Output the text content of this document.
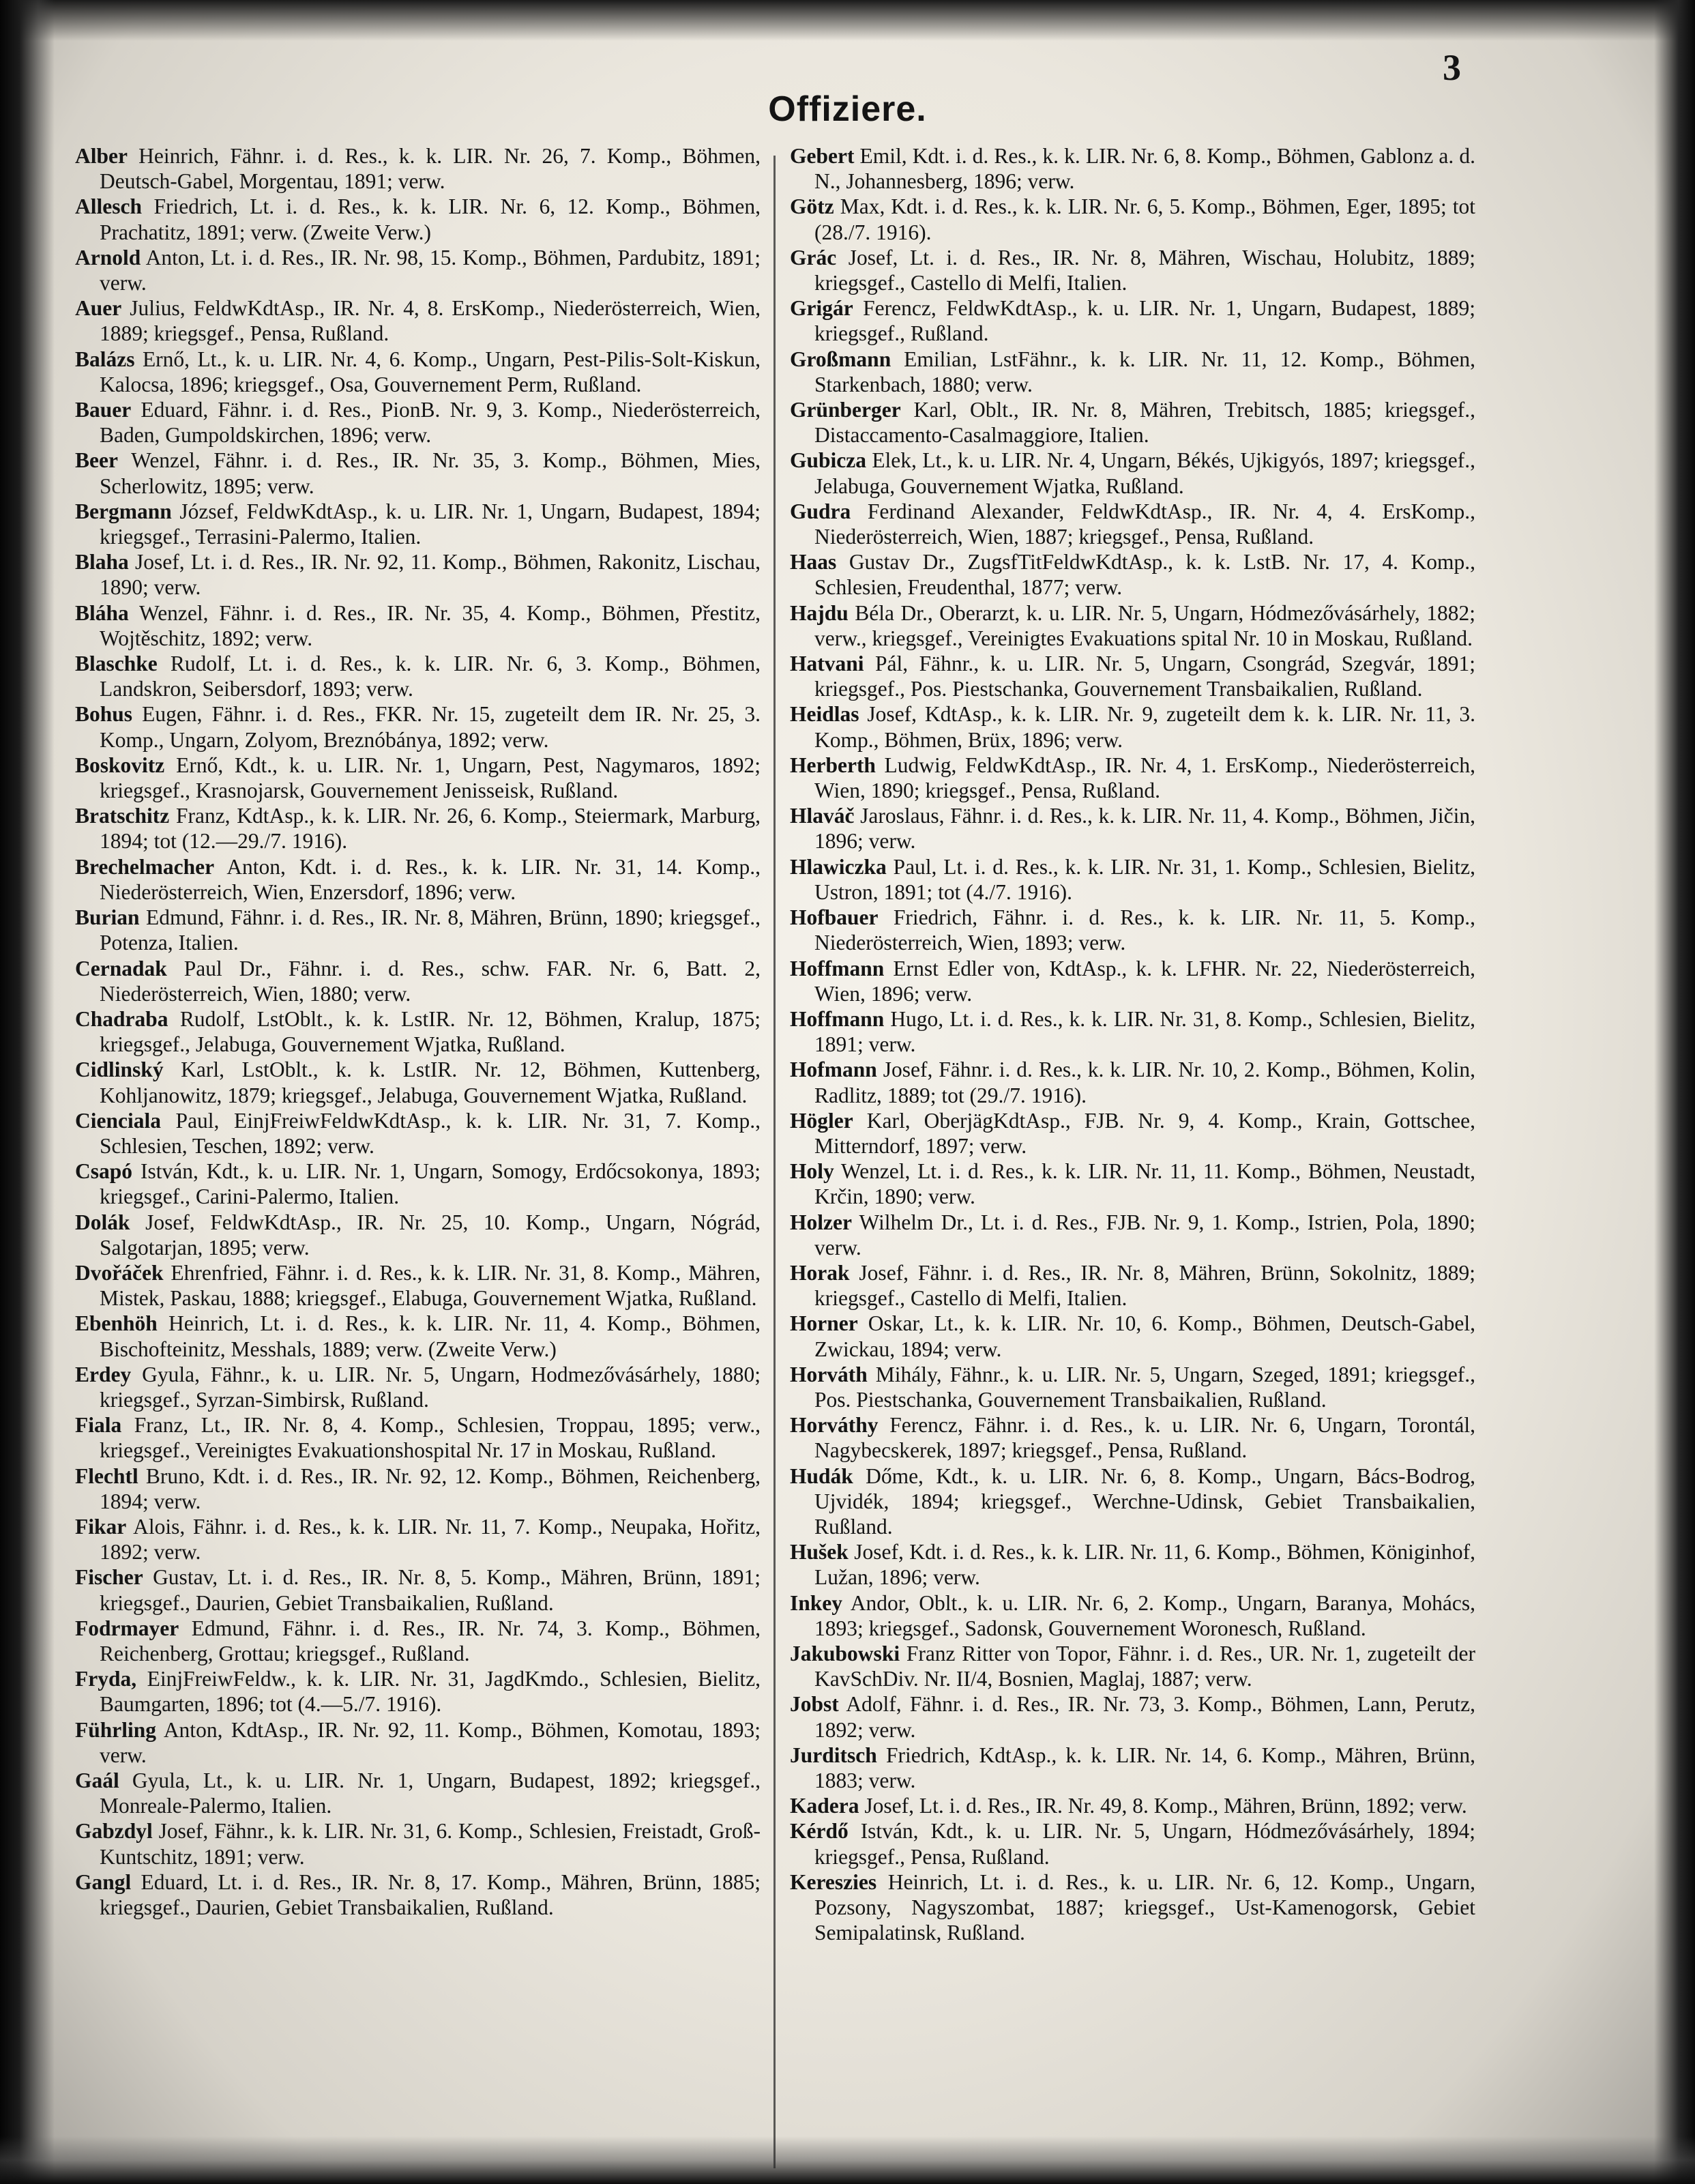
3
Offiziere.

Alber Heinrich, Fähnr. i. d. Res., k. k. LIR. Nr. 26, 7. Komp., Böhmen, Deutsch-Gabel, Morgentau, 1891; verw.

Allesch Friedrich, Lt. i. d. Res., k. k. LIR. Nr. 6, 12. Komp., Böhmen, Prachatitz, 1891; verw. (Zweite Verw.)

Arnold Anton, Lt. i. d. Res., IR. Nr. 98, 15. Komp., Böhmen, Pardubitz, 1891; verw.

Auer Julius, FeldwKdtAsp., IR. Nr. 4, 8. ErsKomp., Niederösterreich, Wien, 1889; kriegsgef., Pensa, Rußland.

Balázs Ernő, Lt., k. u. LIR. Nr. 4, 6. Komp., Ungarn, Pest-Pilis-Solt-Kiskun, Kalocsa, 1896; kriegsgef., Osa, Gouvernement Perm, Rußland.

Bauer Eduard, Fähnr. i. d. Res., PionB. Nr. 9, 3. Komp., Niederösterreich, Baden, Gumpoldskirchen, 1896; verw.

Beer Wenzel, Fähnr. i. d. Res., IR. Nr. 35, 3. Komp., Böhmen, Mies, Scherlowitz, 1895; verw.

Bergmann József, FeldwKdtAsp., k. u. LIR. Nr. 1, Ungarn, Budapest, 1894; kriegsgef., Terrasini-Palermo, Italien.

Blaha Josef, Lt. i. d. Res., IR. Nr. 92, 11. Komp., Böhmen, Rakonitz, Lischau, 1890; verw.

Bláha Wenzel, Fähnr. i. d. Res., IR. Nr. 35, 4. Komp., Böhmen, Přestitz, Wojtěschitz, 1892; verw.

Blaschke Rudolf, Lt. i. d. Res., k. k. LIR. Nr. 6, 3. Komp., Böhmen, Landskron, Seibersdorf, 1893; verw.

Bohus Eugen, Fähnr. i. d. Res., FKR. Nr. 15, zugeteilt dem IR. Nr. 25, 3. Komp., Ungarn, Zolyom, Breznóbánya, 1892; verw.

Boskovitz Ernő, Kdt., k. u. LIR. Nr. 1, Ungarn, Pest, Nagymaros, 1892; kriegsgef., Krasnojarsk, Gouvernement Jenisseisk, Rußland.

Bratschitz Franz, KdtAsp., k. k. LIR. Nr. 26, 6. Komp., Steiermark, Marburg, 1894; tot (12.—29./7. 1916).

Brechelmacher Anton, Kdt. i. d. Res., k. k. LIR. Nr. 31, 14. Komp., Niederösterreich, Wien, Enzersdorf, 1896; verw.

Burian Edmund, Fähnr. i. d. Res., IR. Nr. 8, Mähren, Brünn, 1890; kriegsgef., Potenza, Italien.

Cernadak Paul Dr., Fähnr. i. d. Res., schw. FAR. Nr. 6, Batt. 2, Niederösterreich, Wien, 1880; verw.

Chadraba Rudolf, LstOblt., k. k. LstIR. Nr. 12, Böhmen, Kralup, 1875; kriegsgef., Jelabuga, Gouvernement Wjatka, Rußland.

Cidlinský Karl, LstOblt., k. k. LstIR. Nr. 12, Böhmen, Kuttenberg, Kohljanowitz, 1879; kriegsgef., Jelabuga, Gouvernement Wjatka, Rußland.

Cienciala Paul, EinjFreiwFeldwKdtAsp., k. k. LIR. Nr. 31, 7. Komp., Schlesien, Teschen, 1892; verw.

Csapó István, Kdt., k. u. LIR. Nr. 1, Ungarn, Somogy, Erdőcsokonya, 1893; kriegsgef., Carini-Palermo, Italien.

Dolák Josef, FeldwKdtAsp., IR. Nr. 25, 10. Komp., Ungarn, Nógrád, Salgotarjan, 1895; verw.

Dvořáček Ehrenfried, Fähnr. i. d. Res., k. k. LIR. Nr. 31, 8. Komp., Mähren, Mistek, Paskau, 1888; kriegsgef., Elabuga, Gouvernement Wjatka, Rußland.

Ebenhöh Heinrich, Lt. i. d. Res., k. k. LIR. Nr. 11, 4. Komp., Böhmen, Bischofteinitz, Messhals, 1889; verw. (Zweite Verw.)

Erdey Gyula, Fähnr., k. u. LIR. Nr. 5, Ungarn, Hodmezővásárhely, 1880; kriegsgef., Syrzan-Simbirsk, Rußland.

Fiala Franz, Lt., IR. Nr. 8, 4. Komp., Schlesien, Troppau, 1895; verw., kriegsgef., Vereinigtes Evakuationshospital Nr. 17 in Moskau, Rußland.

Flechtl Bruno, Kdt. i. d. Res., IR. Nr. 92, 12. Komp., Böhmen, Reichenberg, 1894; verw.

Fikar Alois, Fähnr. i. d. Res., k. k. LIR. Nr. 11, 7. Komp., Neupaka, Hořitz, 1892; verw.

Fischer Gustav, Lt. i. d. Res., IR. Nr. 8, 5. Komp., Mähren, Brünn, 1891; kriegsgef., Daurien, Gebiet Transbaikalien, Rußland.

Fodrmayer Edmund, Fähnr. i. d. Res., IR. Nr. 74, 3. Komp., Böhmen, Reichenberg, Grottau; kriegsgef., Rußland.

Fryda, EinjFreiwFeldw., k. k. LIR. Nr. 31, JagdKmdo., Schlesien, Bielitz, Baumgarten, 1896; tot (4.—5./7. 1916).

Führling Anton, KdtAsp., IR. Nr. 92, 11. Komp., Böhmen, Komotau, 1893; verw.

Gaál Gyula, Lt., k. u. LIR. Nr. 1, Ungarn, Budapest, 1892; kriegsgef., Monreale-Palermo, Italien.

Gabzdyl Josef, Fähnr., k. k. LIR. Nr. 31, 6. Komp., Schlesien, Freistadt, Groß-Kuntschitz, 1891; verw.

Gangl Eduard, Lt. i. d. Res., IR. Nr. 8, 17. Komp., Mähren, Brünn, 1885; kriegsgef., Daurien, Gebiet Transbaikalien, Rußland.

Gebert Emil, Kdt. i. d. Res., k. k. LIR. Nr. 6, 8. Komp., Böhmen, Gablonz a. d. N., Johannesberg, 1896; verw.

Götz Max, Kdt. i. d. Res., k. k. LIR. Nr. 6, 5. Komp., Böhmen, Eger, 1895; tot (28./7. 1916).

Grác Josef, Lt. i. d. Res., IR. Nr. 8, Mähren, Wischau, Holubitz, 1889; kriegsgef., Castello di Melfi, Italien.

Grigár Ferencz, FeldwKdtAsp., k. u. LIR. Nr. 1, Ungarn, Budapest, 1889; kriegsgef., Rußland.

Großmann Emilian, LstFähnr., k. k. LIR. Nr. 11, 12. Komp., Böhmen, Starkenbach, 1880; verw.

Grünberger Karl, Oblt., IR. Nr. 8, Mähren, Trebitsch, 1885; kriegsgef., Distaccamento-Casalmaggiore, Italien.

Gubicza Elek, Lt., k. u. LIR. Nr. 4, Ungarn, Békés, Ujkigyós, 1897; kriegsgef., Jelabuga, Gouvernement Wjatka, Rußland.

Gudra Ferdinand Alexander, FeldwKdtAsp., IR. Nr. 4, 4. ErsKomp., Niederösterreich, Wien, 1887; kriegsgef., Pensa, Rußland.

Haas Gustav Dr., ZugsfTitFeldwKdtAsp., k. k. LstB. Nr. 17, 4. Komp., Schlesien, Freudenthal, 1877; verw.

Hajdu Béla Dr., Oberarzt, k. u. LIR. Nr. 5, Ungarn, Hódmezővásárhely, 1882; verw., kriegsgef., Vereinigtes Evakuations spital Nr. 10 in Moskau, Rußland.

Hatvani Pál, Fähnr., k. u. LIR. Nr. 5, Ungarn, Csongrád, Szegvár, 1891; kriegsgef., Pos. Piestschanka, Gouvernement Transbaikalien, Rußland.

Heidlas Josef, KdtAsp., k. k. LIR. Nr. 9, zugeteilt dem k. k. LIR. Nr. 11, 3. Komp., Böhmen, Brüx, 1896; verw.

Herberth Ludwig, FeldwKdtAsp., IR. Nr. 4, 1. ErsKomp., Niederösterreich, Wien, 1890; kriegsgef., Pensa, Rußland.

Hlaváč Jaroslaus, Fähnr. i. d. Res., k. k. LIR. Nr. 11, 4. Komp., Böhmen, Jičin, 1896; verw.

Hlawiczka Paul, Lt. i. d. Res., k. k. LIR. Nr. 31, 1. Komp., Schlesien, Bielitz, Ustron, 1891; tot (4./7. 1916).

Hofbauer Friedrich, Fähnr. i. d. Res., k. k. LIR. Nr. 11, 5. Komp., Niederösterreich, Wien, 1893; verw.

Hoffmann Ernst Edler von, KdtAsp., k. k. LFHR. Nr. 22, Niederösterreich, Wien, 1896; verw.

Hoffmann Hugo, Lt. i. d. Res., k. k. LIR. Nr. 31, 8. Komp., Schlesien, Bielitz, 1891; verw.

Hofmann Josef, Fähnr. i. d. Res., k. k. LIR. Nr. 10, 2. Komp., Böhmen, Kolin, Radlitz, 1889; tot (29./7. 1916).

Högler Karl, OberjägKdtAsp., FJB. Nr. 9, 4. Komp., Krain, Gottschee, Mitterndorf, 1897; verw.

Holy Wenzel, Lt. i. d. Res., k. k. LIR. Nr. 11, 11. Komp., Böhmen, Neustadt, Krčin, 1890; verw.

Holzer Wilhelm Dr., Lt. i. d. Res., FJB. Nr. 9, 1. Komp., Istrien, Pola, 1890; verw.

Horak Josef, Fähnr. i. d. Res., IR. Nr. 8, Mähren, Brünn, Sokolnitz, 1889; kriegsgef., Castello di Melfi, Italien.

Horner Oskar, Lt., k. k. LIR. Nr. 10, 6. Komp., Böhmen, Deutsch-Gabel, Zwickau, 1894; verw.

Horváth Mihály, Fähnr., k. u. LIR. Nr. 5, Ungarn, Szeged, 1891; kriegsgef., Pos. Piestschanka, Gouvernement Transbaikalien, Rußland.

Horváthy Ferencz, Fähnr. i. d. Res., k. u. LIR. Nr. 6, Ungarn, Torontál, Nagybecskerek, 1897; kriegsgef., Pensa, Rußland.

Hudák Dőme, Kdt., k. u. LIR. Nr. 6, 8. Komp., Ungarn, Bács-Bodrog, Ujvidék, 1894; kriegsgef., Werchne-Udinsk, Gebiet Transbaikalien, Rußland.

Hušek Josef, Kdt. i. d. Res., k. k. LIR. Nr. 11, 6. Komp., Böhmen, Königinhof, Lužan, 1896; verw.

Inkey Andor, Oblt., k. u. LIR. Nr. 6, 2. Komp., Ungarn, Baranya, Mohács, 1893; kriegsgef., Sadonsk, Gouvernement Woronesch, Rußland.

Jakubowski Franz Ritter von Topor, Fähnr. i. d. Res., UR. Nr. 1, zugeteilt der KavSchDiv. Nr. II/4, Bosnien, Maglaj, 1887; verw.

Jobst Adolf, Fähnr. i. d. Res., IR. Nr. 73, 3. Komp., Böhmen, Lann, Perutz, 1892; verw.

Jurditsch Friedrich, KdtAsp., k. k. LIR. Nr. 14, 6. Komp., Mähren, Brünn, 1883; verw.

Kadera Josef, Lt. i. d. Res., IR. Nr. 49, 8. Komp., Mähren, Brünn, 1892; verw.

Kérdő István, Kdt., k. u. LIR. Nr. 5, Ungarn, Hódmezővásárhely, 1894; kriegsgef., Pensa, Rußland.

Kereszies Heinrich, Lt. i. d. Res., k. u. LIR. Nr. 6, 12. Komp., Ungarn, Pozsony, Nagyszombat, 1887; kriegsgef., Ust-Kamenogorsk, Gebiet Semipalatinsk, Rußland.
